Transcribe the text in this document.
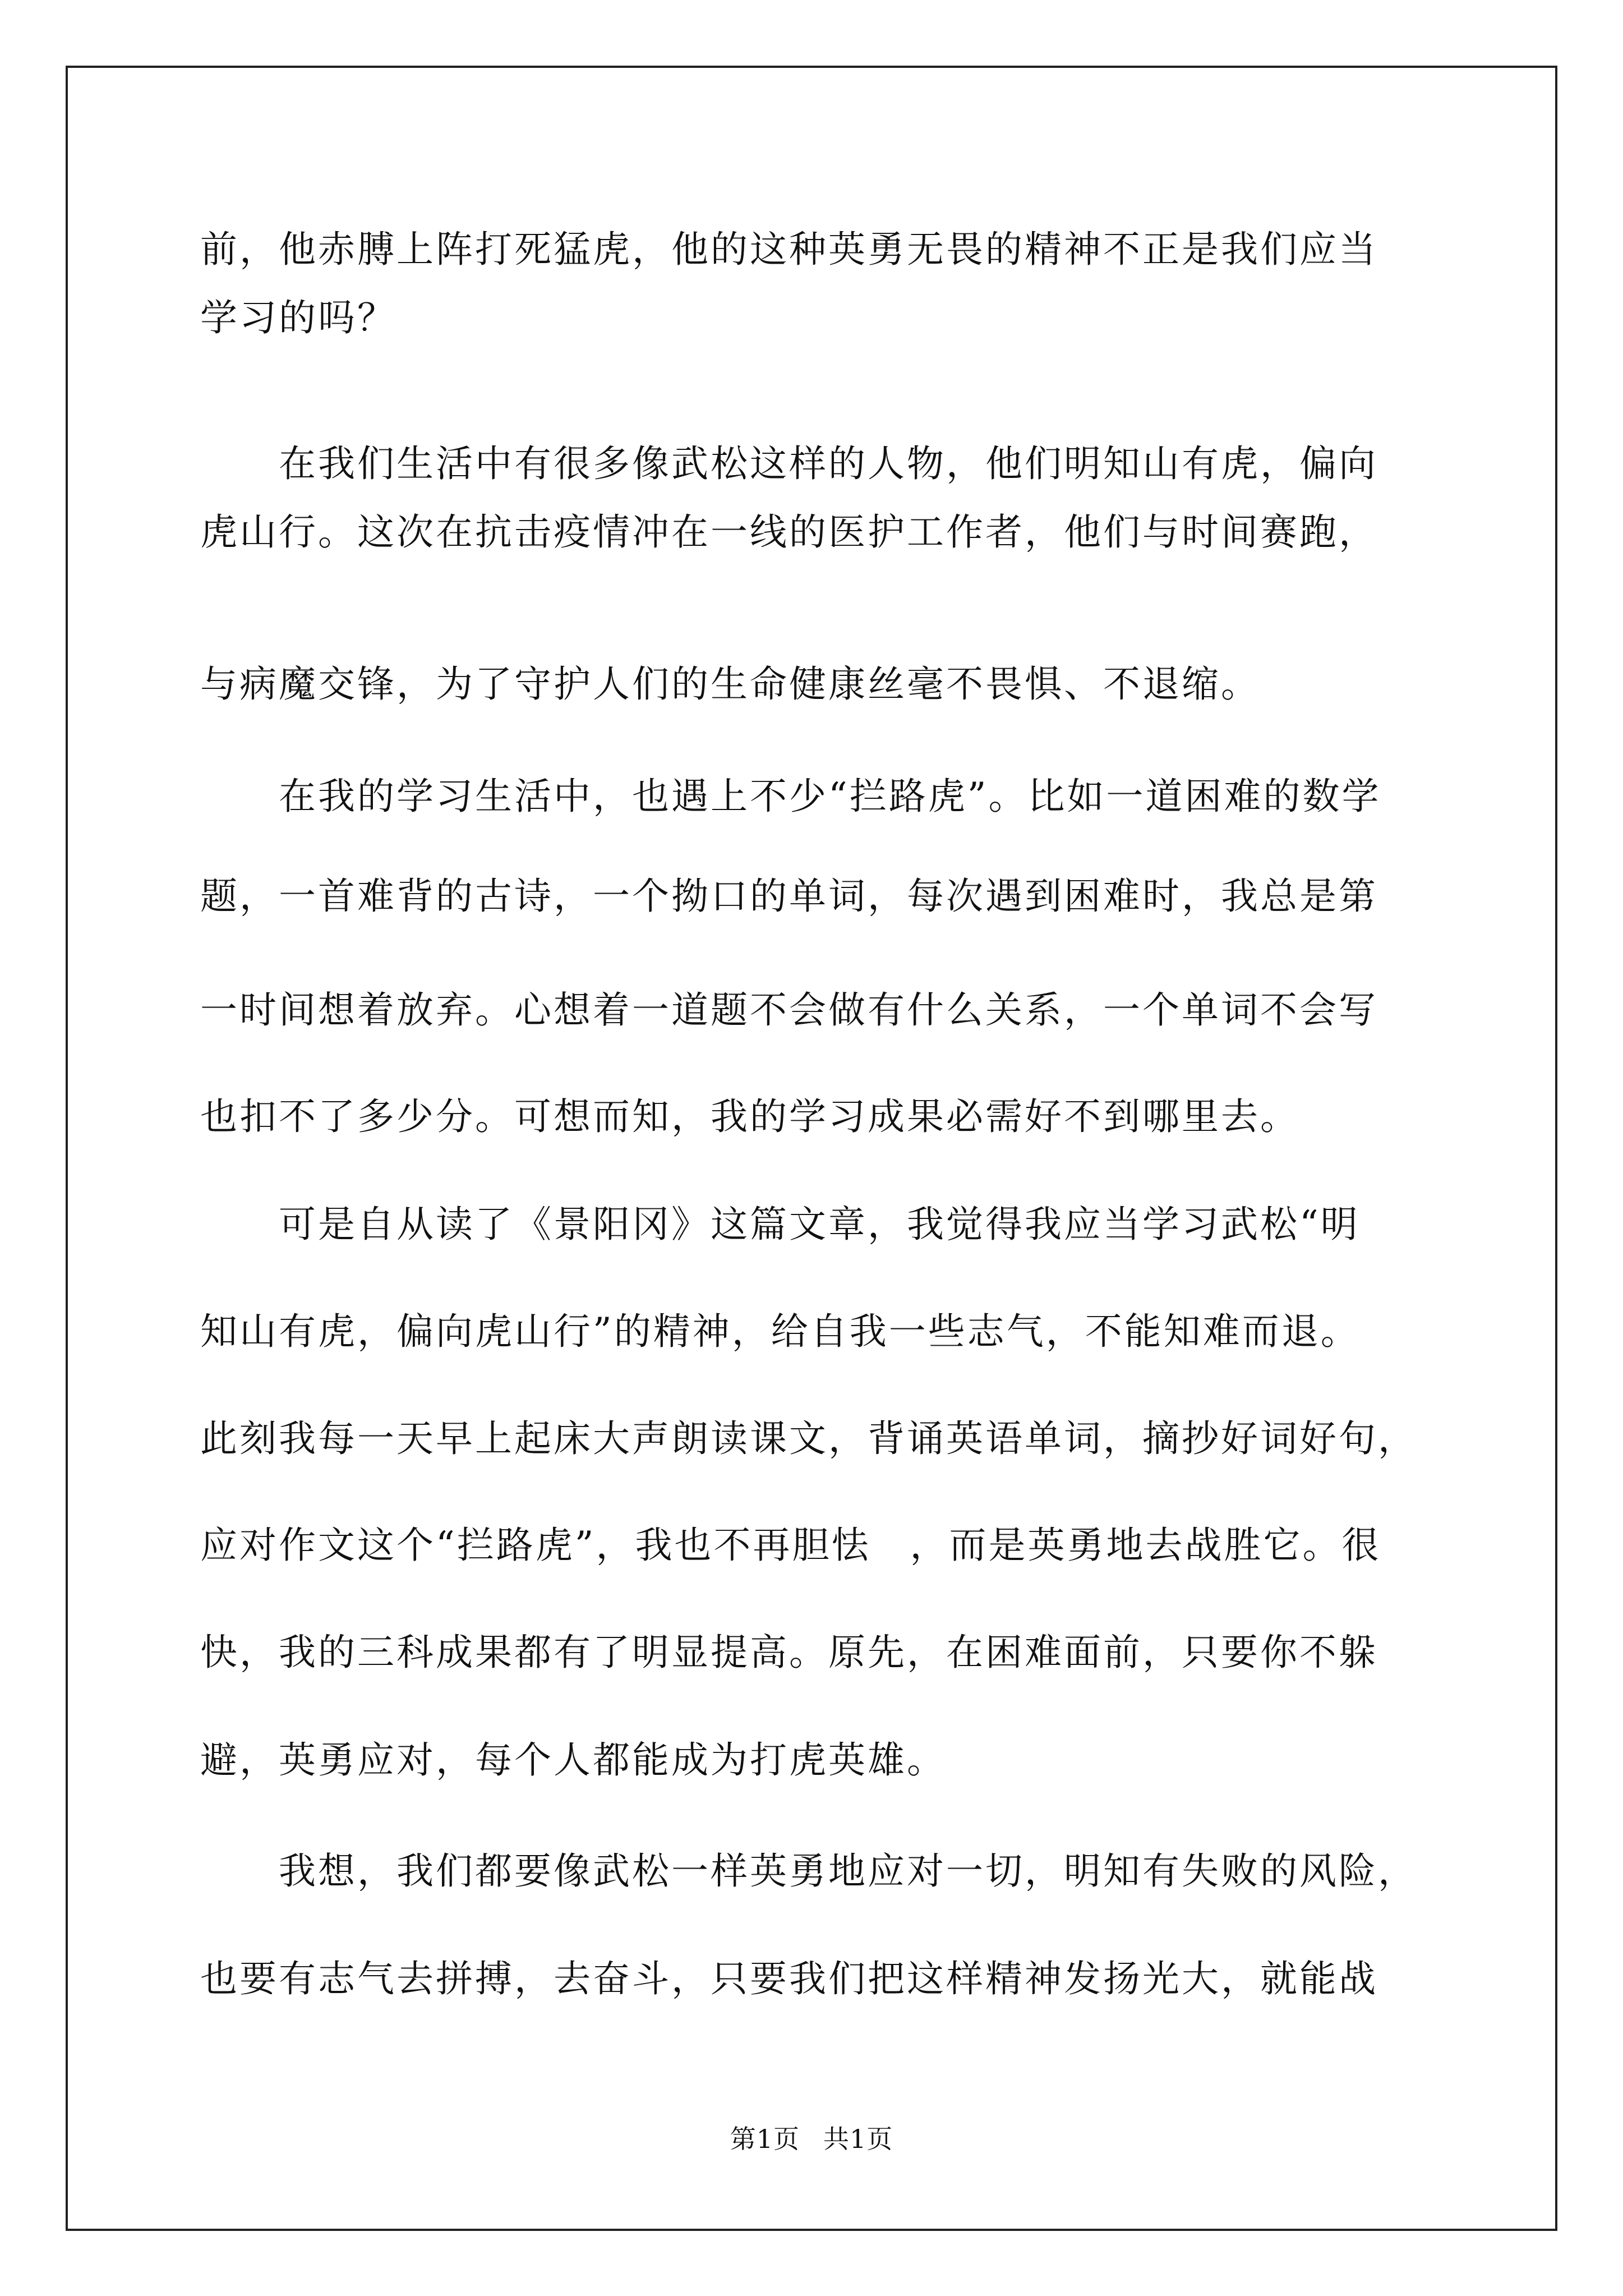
前，他赤膊上阵打死猛虎，他的这种英勇无畏的精神不正是我们应当
学习的吗？
　　在我们生活中有很多像武松这样的人物，他们明知山有虎，偏向
虎山行。这次在抗击疫情冲在一线的医护工作者，他们与时间赛跑，
与病魔交锋，为了守护人们的生命健康丝毫不畏惧、不退缩。
　　在我的学习生活中，也遇上不少“拦路虎”。比如一道困难的数学
题，一首难背的古诗，一个拗口的单词，每次遇到困难时，我总是第
一时间想着放弃。心想着一道题不会做有什么关系，一个单词不会写
也扣不了多少分。可想而知，我的学习成果必需好不到哪里去。
　　可是自从读了《景阳冈》这篇文章，我觉得我应当学习武松“明
知山有虎，偏向虎山行”的精神，给自我一些志气，不能知难而退。
此刻我每一天早上起床大声朗读课文，背诵英语单词，摘抄好词好句，
应对作文这个“拦路虎”，我也不再胆怯　，而是英勇地去战胜它。很
快，我的三科成果都有了明显提高。原先，在困难面前，只要你不躲
避，英勇应对，每个人都能成为打虎英雄。
　　我想，我们都要像武松一样英勇地应对一切，明知有失败的风险，
也要有志气去拼搏，去奋斗，只要我们把这样精神发扬光大，就能战
第1页 共1页
